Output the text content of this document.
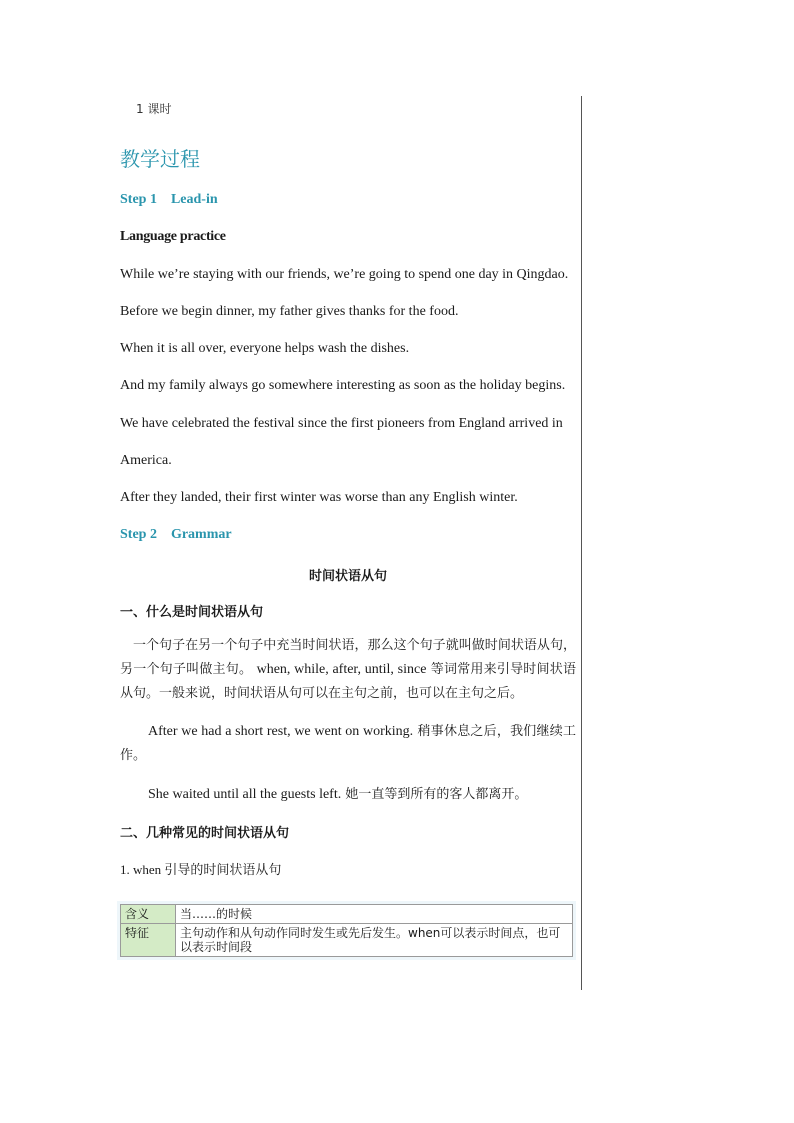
1 课时
教学过程
Step 1 Lead-in
Language practice
While we’re staying with our friends, we’re going to spend one day in Qingdao.
Before we begin dinner, my father gives thanks for the food.
When it is all over, everyone helps wash the dishes.
And my family always go somewhere interesting as soon as the holiday begins.
We have celebrated the festival since the first pioneers from England arrived in
America.
After they landed, their first winter was worse than any English winter.
Step 2 Grammar
时间状语从句
一、什么是时间状语从句
一个句子在另一个句子中充当时间状语，那么这个句子就叫做时间状语从句，另一个句子叫做主句。 when, while, after, until, since 等词常用来引导时间状语从句。一般来说，时间状语从句可以在主句之前，也可以在主句之后。
After we had a short rest, we went on working. 稍事休息之后，我们继续工作。
She waited until all the guests left. 她一直等到所有的客人都离开。
二、几种常见的时间状语从句
1. when 引导的时间状语从句
含义	当……的时候
特征	主句动作和从句动作同时发生或先后发生。when可以表示时间点，也可以表示时间段
